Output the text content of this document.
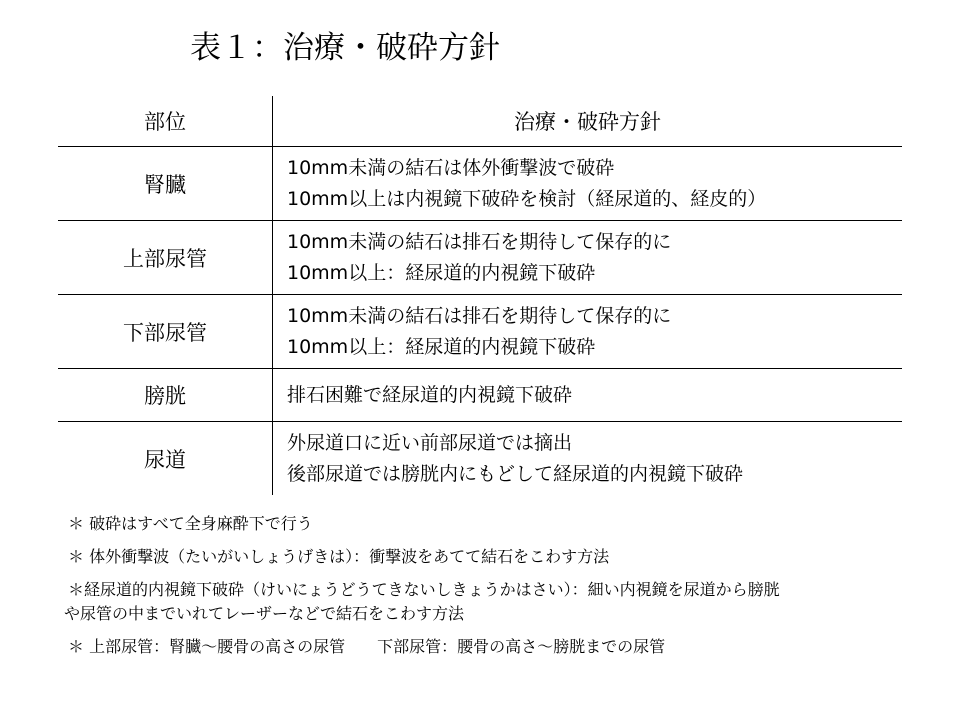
表１：治療・破砕方針
部位	治療・破砕方針
腎臓
10mm未満の結石は体外衝撃波で破砕
10mm以上は内視鏡下破砕を検討（経尿道的、経皮的）
上部尿管
10mm未満の結石は排石を期待して保存的に
10mm以上：経尿道的内視鏡下破砕
下部尿管
10mm未満の結石は排石を期待して保存的に
10mm以上：経尿道的内視鏡下破砕
膀胱	排石困難で経尿道的内視鏡下破砕
尿道
外尿道口に近い前部尿道では摘出
後部尿道では膀胱内にもどして経尿道的内視鏡下破砕
＊ 破砕はすべて全身麻酔下で行う
＊ 体外衝撃波（たいがいしょうげきは）：衝撃波をあてて結石をこわす方法
＊経尿道的内視鏡下破砕（けいにょうどうてきないしきょうかはさい）：細い内視鏡を尿道から膀胱
や尿管の中までいれてレーザーなどで結石をこわす方法
＊ 上部尿管：腎臓～腰骨の高さの尿管　　下部尿管：腰骨の高さ～膀胱までの尿管
